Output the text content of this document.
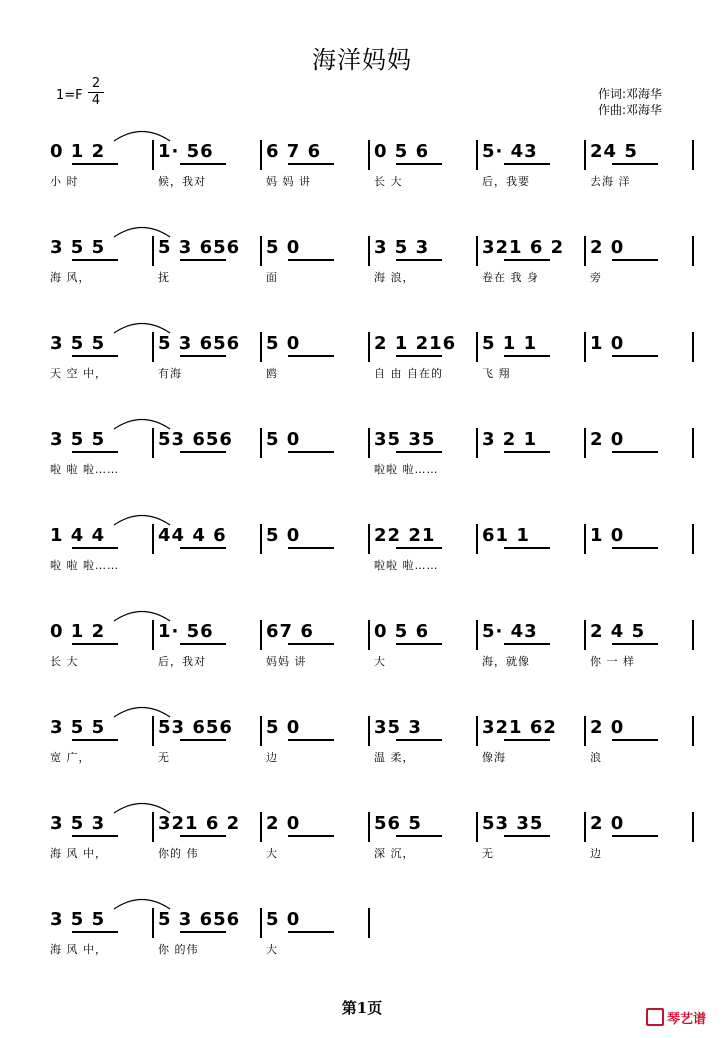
海洋妈妈
1=F
2
4	作词:邓海华
作曲:邓海华
0 1 2
小 时
1· 56
候，我对
6 7 6
妈 妈 讲
0 5 6
长 大
5· 43
后，我要
24 5
去海 洋
3 5 5
海 风，
5 3 656
抚
5 0
面
3 5 3
海 浪，
321 6 2
卷在 我 身
2 0
旁
3 5 5
天 空 中，
5 3 656
有海
5 0
鸥
2 1 216
自 由 自在的
5 1 1
飞 翔
1 0
3 5 5
啦 啦 啦……
53 656 5 0	35 35
啦啦 啦……
3 2 1	2 0
1 4 4
啦 啦 啦……
44 4 6 5 0	22 21
啦啦 啦……
61 1	1 0
0 1 2
长 大
1· 56
后，我对
67 6
妈妈 讲
0 5 6
大
5· 43
海，就像
2 4 5
你 一 样
3 5 5
宽 广，
53 656
无
5 0
边
35 3
温 柔，
321 62
像海
2 0
浪
3 5 3
海 风 中，
321 6 2
你的 伟
2 0
大
56 5
深 沉，
53 35
无
2 0
边
3 5 5
海 风 中，
5 3 656
你 的伟
5 0
大
第1页
琴艺谱
